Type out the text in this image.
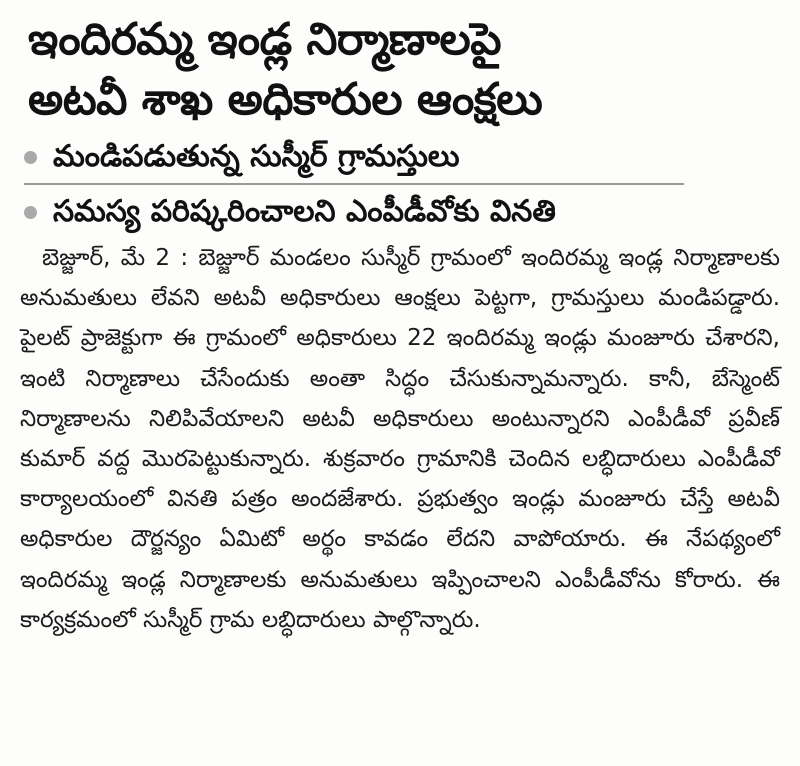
ఇందిరమ్మ ఇండ్ల నిర్మాణాలపై
అటవీ శాఖ అధికారుల ఆంక్షలు
మండిపడుతున్న సుస్మీర్‌ గ్రామస్తులు
సమస్య పరిష్కరించాలని ఎంపీడీవోకు వినతి
బెజ్జూర్‌, మే 2 : బెజ్జూర్‌ మండలం సుస్మీర్‌ గ్రామంలో ఇందిరమ్మ ఇండ్ల నిర్మాణాలకు అనుమతులు లేవని అటవీ అధికారులు ఆంక్షలు పెట్టగా, గ్రామస్తులు మండిపడ్డారు. పైలట్‌ ప్రాజెక్టుగా ఈ గ్రామంలో అధికారులు 22 ఇందిరమ్మ ఇండ్లు మంజూరు చేశారని, ఇంటి నిర్మాణాలు చేసేందుకు అంతా సిద్ధం చేసుకున్నామన్నారు. కానీ, బేస్మెంట్‌ నిర్మాణాలను నిలిపివేయాలని అటవీ అధికారులు అంటున్నారని ఎంపీడీవో ప్రవీణ్‌ కుమార్‌ వద్ద మొరపెట్టుకున్నారు. శుక్రవారం గ్రామానికి చెందిన లబ్ధిదారులు ఎంపీడీవో కార్యాలయంలో వినతి పత్రం అందజేశారు. ప్రభుత్వం ఇండ్లు మంజూరు చేస్తే అటవీ అధికారుల దౌర్జన్యం ఏమిటో అర్థం కావడం లేదని వాపోయారు. ఈ నేపథ్యంలో ఇందిరమ్మ ఇండ్ల నిర్మాణాలకు అనుమతులు ఇప్పించాలని ఎంపీడీవోను కోరారు. ఈ కార్యక్రమంలో సుస్మీర్‌ గ్రామ లబ్ధిదారులు పాల్గొన్నారు.
